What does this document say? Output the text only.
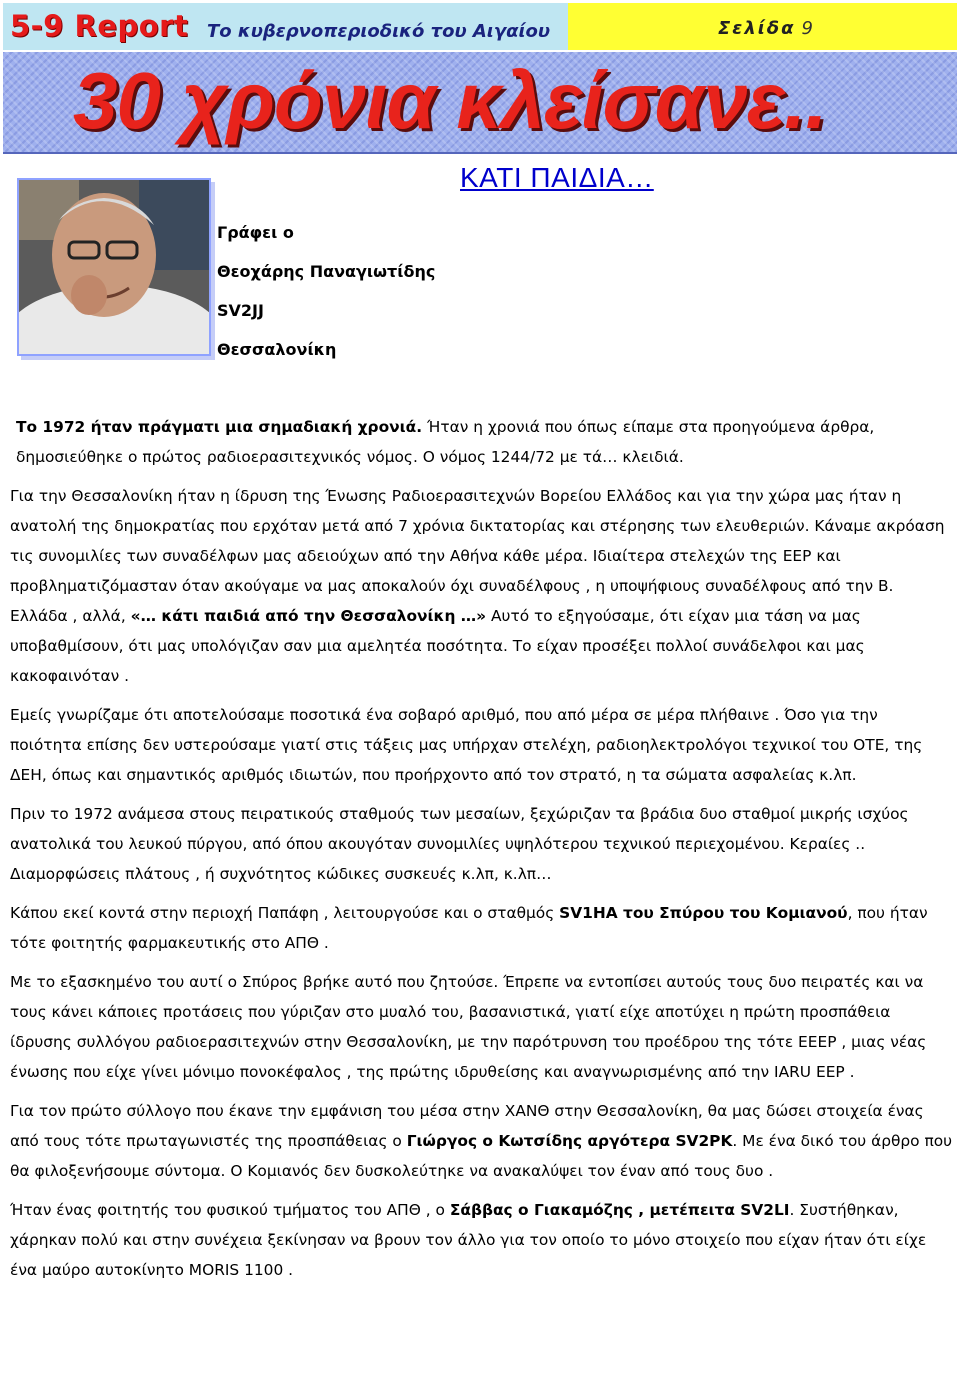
5-9 Report Το κυβερνοπεριοδικό του Αιγαίου	Σελίδα 9
30 χρόνια κλείσανε..
Γράφει ο
Θεοχάρης Παναγιωτίδης
SV2JJ
Θεσσαλονίκη
ΚΑΤΙ ΠΑΙΔΙΑ…

Το 1972 ήταν πράγματι μια σημαδιακή χρονιά. Ήταν η χρονιά που όπως είπαμε στα προηγούμενα άρθρα, δημοσιεύθηκε ο πρώτος ραδιοερασιτεχνικός νόμος. Ο νόμος 1244/72 με τά… κλειδιά.

Για την Θεσσαλονίκη ήταν η ίδρυση της Ένωσης Ραδιοερασιτεχνών Βορείου Ελλάδος και για την χώρα μας ήταν η ανατολή της δημοκρατίας που ερχόταν μετά από 7 χρόνια δικτατορίας και στέρησης των ελευθεριών. Κάναμε ακρόαση τις συνομιλίες των συναδέλφων μας αδειούχων από την Αθήνα κάθε μέρα. Ιδιαίτερα στελεχών της ΕΕΡ και προβληματιζόμασταν όταν ακούγαμε να μας αποκαλούν όχι συναδέλφους , η υποψήφιους συναδέλφους από την Β. Ελλάδα , αλλά, «… κάτι παιδιά από την Θεσσαλονίκη …» Αυτό το εξηγούσαμε, ότι είχαν μια τάση να μας υποβαθμίσουν, ότι μας υπολόγιζαν σαν μια αμελητέα ποσότητα. Το είχαν προσέξει πολλοί συνάδελφοι και μας κακοφαινόταν .

Εμείς γνωρίζαμε ότι αποτελούσαμε ποσοτικά ένα σοβαρό αριθμό, που από μέρα σε μέρα πλήθαινε . Όσο για την ποιότητα επίσης δεν υστερούσαμε γιατί στις τάξεις μας υπήρχαν στελέχη, ραδιοηλεκτρολόγοι τεχνικοί του ΟΤΕ, της ΔΕΗ, όπως και σημαντικός αριθμός ιδιωτών, που προήρχοντο από τον στρατό, η τα σώματα ασφαλείας κ.λπ.

Πριν το 1972 ανάμεσα στους πειρατικούς σταθμούς των μεσαίων, ξεχώριζαν τα βράδια δυο σταθμοί μικρής ισχύος ανατολικά του λευκού πύργου, από όπου ακουγόταν συνομιλίες υψηλότερου τεχνικού περιεχομένου. Κεραίες .. Διαμορφώσεις πλάτους , ή συχνότητος κώδικες συσκευές κ.λπ, κ.λπ…

Κάπου εκεί κοντά στην περιοχή Παπάφη , λειτουργούσε και ο σταθμός SV1HA του Σπύρου του Κομιανού, που ήταν τότε φοιτητής φαρμακευτικής στο ΑΠΘ .

Με το εξασκημένο του αυτί ο Σπύρος βρήκε αυτό που ζητούσε. Έπρεπε να εντοπίσει αυτούς τους δυο πειρατές και να τους κάνει κάποιες προτάσεις που γύριζαν στο μυαλό του, βασανιστικά, γιατί είχε αποτύχει η πρώτη προσπάθεια ίδρυσης συλλόγου ραδιοερασιτεχνών στην Θεσσαλονίκη, με την παρότρυνση του προέδρου της τότε ΕΕΕΡ , μιας νέας ένωσης που είχε γίνει μόνιμο πονοκέφαλος , της πρώτης ιδρυθείσης και αναγνωρισμένης από την IARU ΕΕΡ .

Για τον πρώτο σύλλογο που έκανε την εμφάνιση του μέσα στην ΧΑΝΘ στην Θεσσαλονίκη, θα μας δώσει στοιχεία ένας από τους τότε πρωταγωνιστές της προσπάθειας ο Γιώργος ο Κωτσίδης αργότερα SV2PK. Με ένα δικό του άρθρο που θα φιλοξενήσουμε σύντομα. Ο Κομιανός δεν δυσκολεύτηκε να ανακαλύψει τον έναν από τους δυο .

Ήταν ένας φοιτητής του φυσικού τμήματος του ΑΠΘ , ο Σάββας ο Γιακαμόζης , μετέπειτα SV2LI. Συστήθηκαν, χάρηκαν πολύ και στην συνέχεια ξεκίνησαν να βρουν τον άλλο για τον οποίο το μόνο στοιχείο που είχαν ήταν ότι είχε ένα μαύρο αυτοκίνητο MORIS 1100 .
